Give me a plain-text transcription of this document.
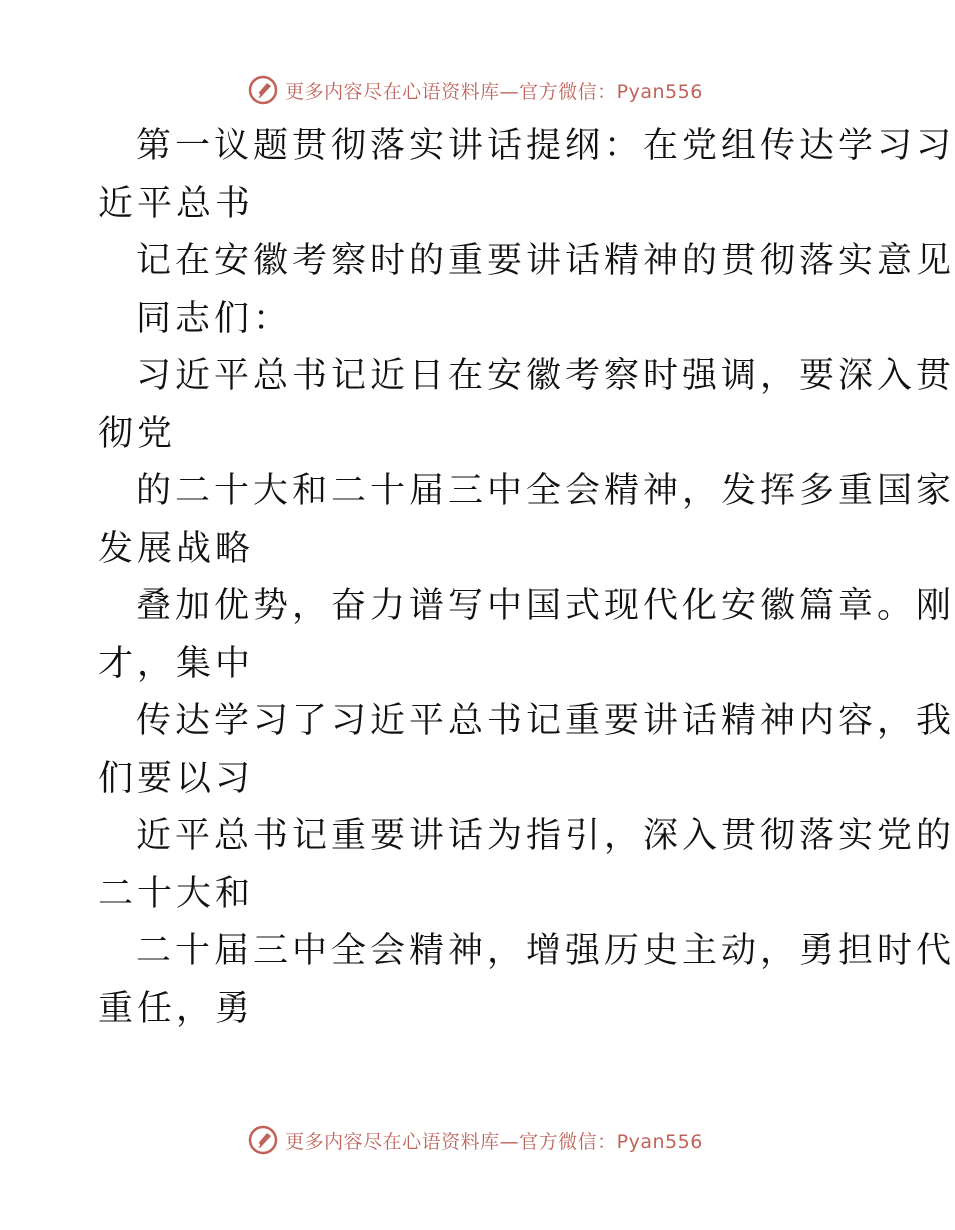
更多内容尽在心语资料库—官方微信：Pyan556
第一议题贯彻落实讲话提纲：在党组传达学习习
近平总书
记在安徽考察时的重要讲话精神的贯彻落实意见
同志们：
习近平总书记近日在安徽考察时强调，要深入贯
彻党
的二十大和二十届三中全会精神，发挥多重国家
发展战略
叠加优势，奋力谱写中国式现代化安徽篇章。刚
才，集中
传达学习了习近平总书记重要讲话精神内容，我
们要以习
近平总书记重要讲话为指引，深入贯彻落实党的
二十大和
二十届三中全会精神，增强历史主动，勇担时代
重任，勇
更多内容尽在心语资料库—官方微信：Pyan556
